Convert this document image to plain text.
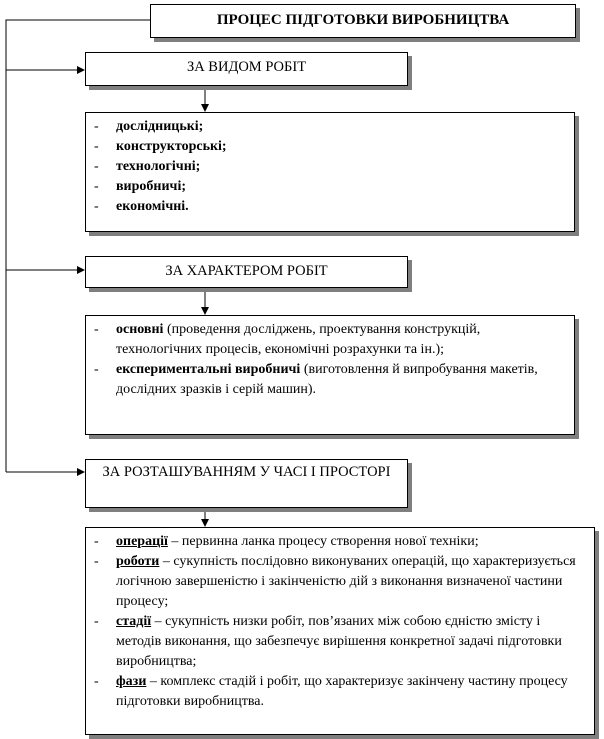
ПРОЦЕС ПІДГОТОВКИ ВИРОБНИЦТВА
ЗА ВИДОМ РОБІТ
- дослідницькі;
- конструкторські;
- технологічні;
- виробничі;
- економічні.
ЗА ХАРАКТЕРОМ РОБІТ
- основні (проведення досліджень, проектування конструкцій, технологічних процесів, економічні розрахунки та ін.);
- експериментальні виробничі (виготовлення й випробування макетів, дослідних зразків і серій машин).
ЗА РОЗТАШУВАННЯМ У ЧАСІ І ПРОСТОРІ
- операції – первинна ланка процесу створення нової техніки;
- роботи – сукупність послідовно виконуваних операцій, що характеризується логічною завершеністю і закінченістю дій з виконання визначеної частини процесу;
- стадії – сукупність низки робіт, пов’язаних між собою єдністю змісту і методів виконання, що забезпечує вирішення конкретної задачі підготовки виробництва;
- фази – комплекс стадій і робіт, що характеризує закінчену частину процесу підготовки виробництва.
